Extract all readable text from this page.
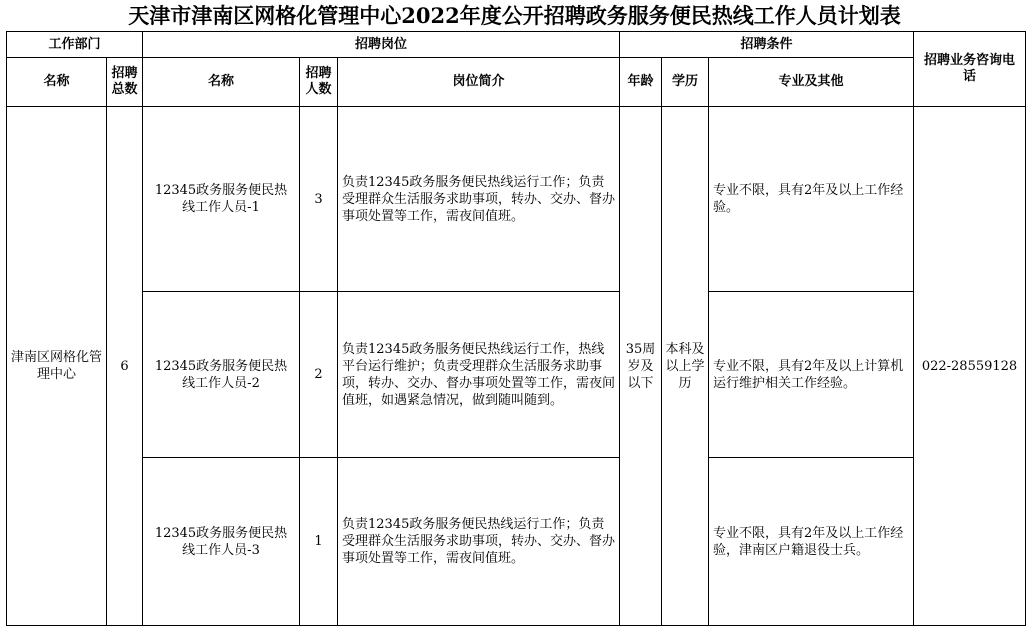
天津市津南区网格化管理中心2022年度公开招聘政务服务便民热线工作人员计划表
工作部门		招聘岗位			招聘条件			招聘业务咨询电话
名称	招聘总数	名称	招聘人数	岗位简介	年龄	学历	专业及其他	
津南区网格化管理中心	6	12345政务服务便民热线工作人员-1	3	负责12345政务服务便民热线运行工作；负责受理群众生活服务求助事项，转办、交办、督办事项处置等工作，需夜间值班。	35周岁及以下	本科及以上学历	专业不限，具有2年及以上工作经验。	022-28559128
		12345政务服务便民热线工作人员-2	2	负责12345政务服务便民热线运行工作，热线平台运行维护；负责受理群众生活服务求助事项，转办、交办、督办事项处置等工作，需夜间值班，如遇紧急情况，做到随叫随到。			专业不限，具有2年及以上计算机运行维护相关工作经验。	
		12345政务服务便民热线工作人员-3	1	负责12345政务服务便民热线运行工作；负责受理群众生活服务求助事项，转办、交办、督办事项处置等工作，需夜间值班。			专业不限，具有2年及以上工作经验，津南区户籍退役士兵。	
